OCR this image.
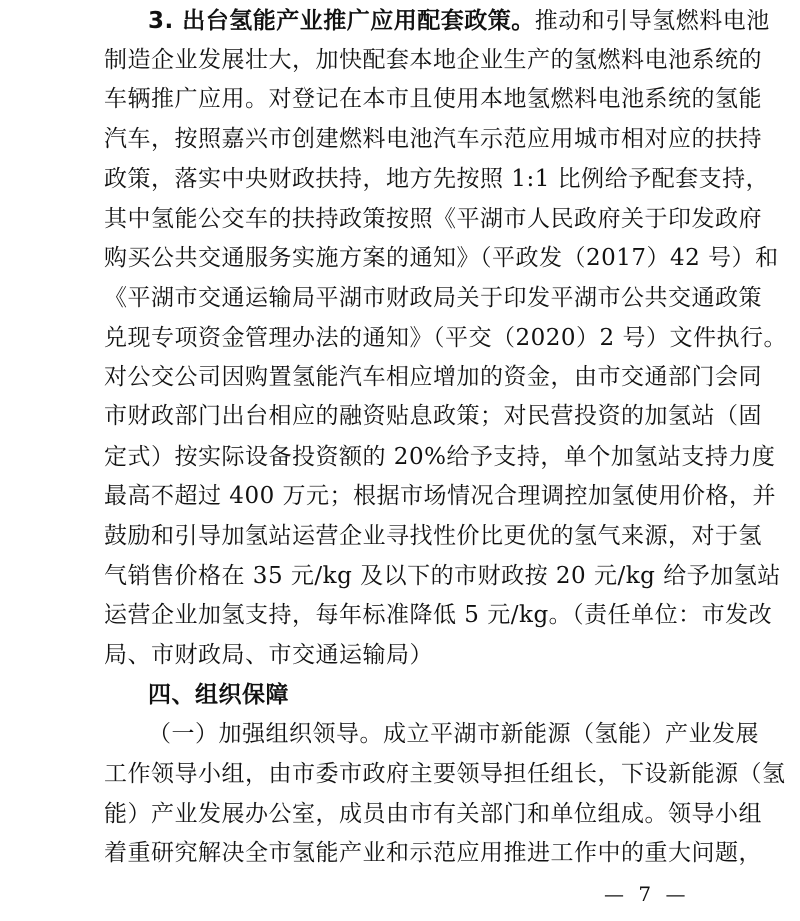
3. 出台氢能产业推广应用配套政策。推动和引导氢燃料电池
制造企业发展壮大，加快配套本地企业生产的氢燃料电池系统的
车辆推广应用。对登记在本市且使用本地氢燃料电池系统的氢能
汽车，按照嘉兴市创建燃料电池汽车示范应用城市相对应的扶持
政策，落实中央财政扶持，地方先按照 1:1 比例给予配套支持，
其中氢能公交车的扶持政策按照《平湖市人民政府关于印发政府
购买公共交通服务实施方案的通知》（平政发（2017）42 号）和
《平湖市交通运输局平湖市财政局关于印发平湖市公共交通政策
兑现专项资金管理办法的通知》（平交（2020）2 号）文件执行。
对公交公司因购置氢能汽车相应增加的资金，由市交通部门会同
市财政部门出台相应的融资贴息政策；对民营投资的加氢站（固
定式）按实际设备投资额的 20%给予支持，单个加氢站支持力度
最高不超过 400 万元；根据市场情况合理调控加氢使用价格，并
鼓励和引导加氢站运营企业寻找性价比更优的氢气来源，对于氢
气销售价格在 35 元/kg 及以下的市财政按 20 元/kg 给予加氢站
运营企业加氢支持，每年标准降低 5 元/kg。（责任单位：市发改
局、市财政局、市交通运输局）
四、组织保障
（一）加强组织领导。成立平湖市新能源（氢能）产业发展
工作领导小组，由市委市政府主要领导担任组长，下设新能源（氢
能）产业发展办公室，成员由市有关部门和单位组成。领导小组
着重研究解决全市氢能产业和示范应用推进工作中的重大问题，
— 7 —
